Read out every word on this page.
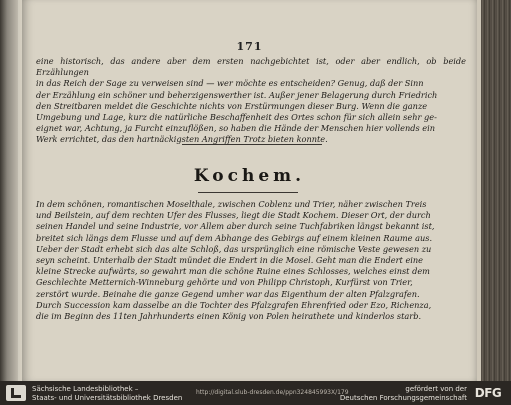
171
eine historisch, das andere aber dem ersten nachgebichtet ist, oder aber endlich, ob beide Erzählungen
in das Reich der Sage zu verweisen sind — wer möchte es entscheiden? Genug, daß der Sinn
der Erzählung ein schöner und beherzigenswerther ist. Außer jener Belagerung durch Friedrich
den Streitbaren meldet die Geschichte nichts von Erstürmungen dieser Burg. Wenn die ganze
Umgebung und Lage, kurz die natürliche Beschaffenheit des Ortes schon für sich allein sehr ge-
eignet war, Achtung, ja Furcht einzuflößen, so haben die Hände der Menschen hier vollends ein
Werk errichtet, das den hartnäckigsten Angriffen Trotz bieten konnte.
Kochem.
In dem schönen, romantischen Moselthale, zwischen Coblenz und Trier, näher zwischen Treis
und Beilstein, auf dem rechten Ufer des Flusses, liegt die Stadt Kochem. Dieser Ort, der durch
seinen Handel und seine Industrie, vor Allem aber durch seine Tuchfabriken längst bekannt ist,
breitet sich längs dem Flusse und auf dem Abhange des Gebirgs auf einem kleinen Raume aus.
Ueber der Stadt erhebt sich das alte Schloß, das ursprünglich eine römische Veste gewesen zu
seyn scheint. Unterhalb der Stadt mündet die Endert in die Mosel. Geht man die Endert eine
kleine Strecke aufwärts, so gewahrt man die schöne Ruine eines Schlosses, welches einst dem
Geschlechte Metternich-Winneburg gehörte und von Philipp Christoph, Kurfürst von Trier,
zerstört wurde. Beinahe die ganze Gegend umher war das Eigenthum der alten Pfalzgrafen.
Durch Succession kam dasselbe an die Tochter des Pfalzgrafen Ehrenfried oder Ezo, Richenza,
die im Beginn des 11ten Jahrhunderts einen König von Polen heirathete und kinderlos starb.
Sächsische Landesbibliothek –
Staats- und Universitätsbibliothek Dresden
http://digital.slub-dresden.de/ppn324845993X/179	gefördert von der
Deutschen Forschungsgemeinschaft DFG
